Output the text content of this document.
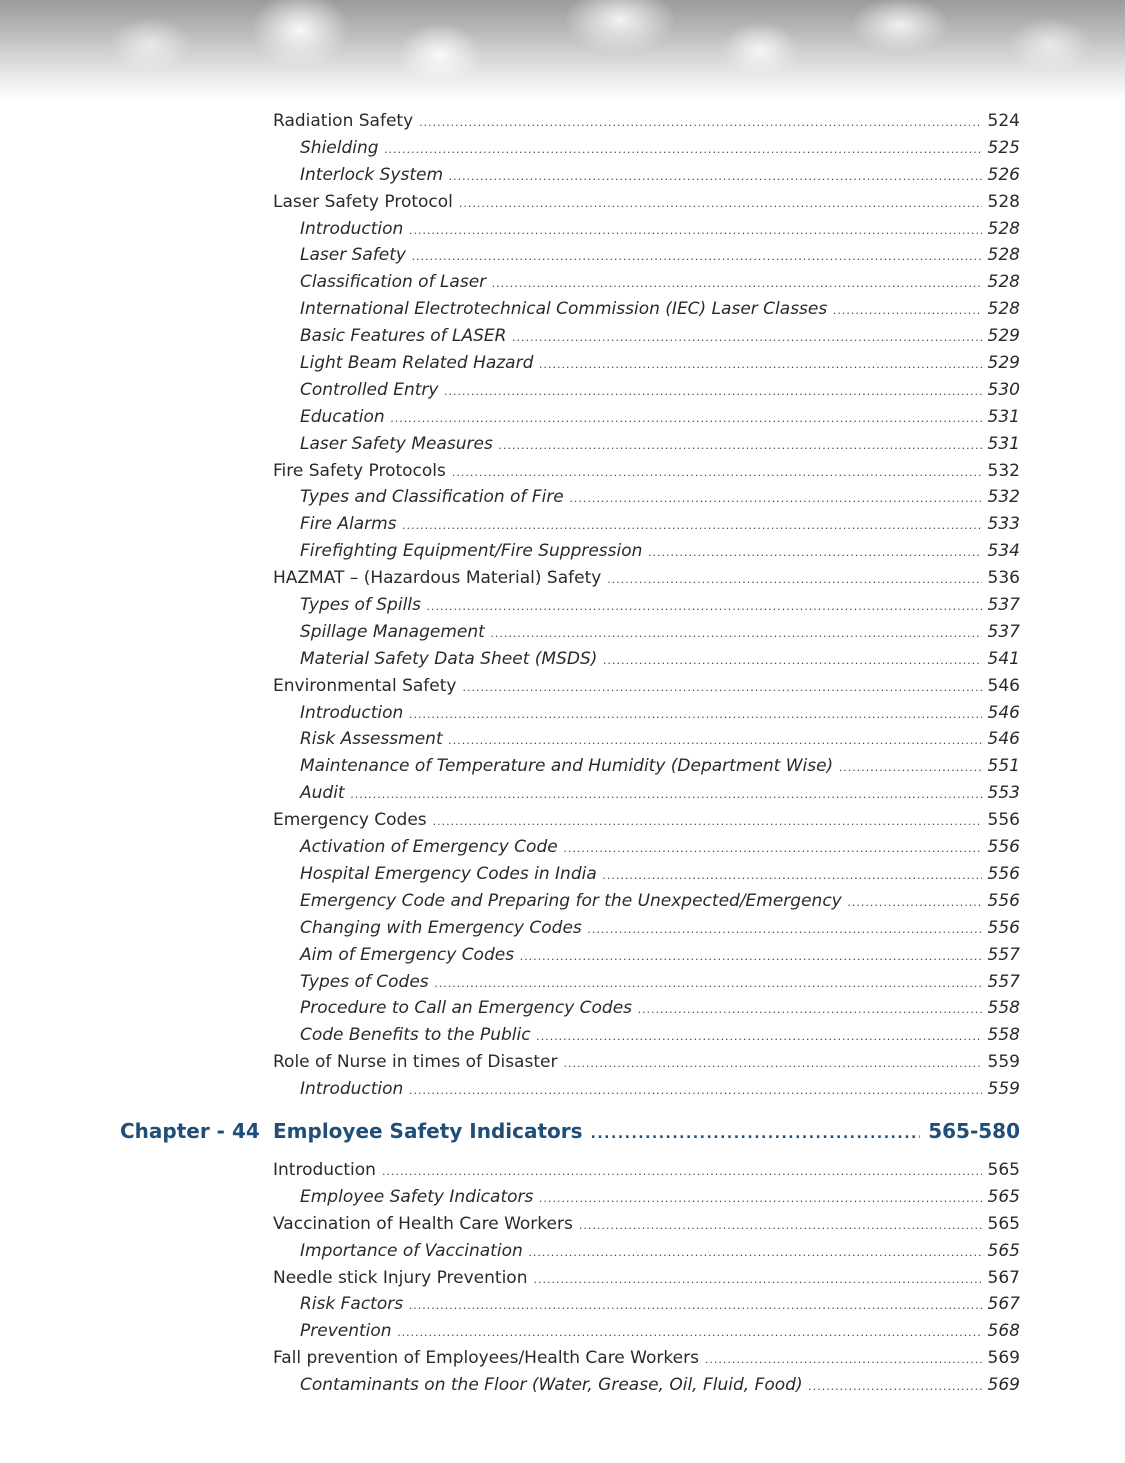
Radiation Safety .....	524
Shielding .....	525
Interlock System .....	526
Laser Safety Protocol .....	528
Introduction .....	528
Laser Safety .....	528
Classification of Laser .....	528
International Electrotechnical Commission (IEC) Laser Classes .....	528
Basic Features of LASER .....	529
Light Beam Related Hazard .....	529
Controlled Entry .....	530
Education .....	531
Laser Safety Measures .....	531
Fire Safety Protocols .....	532
Types and Classification of Fire .....	532
Fire Alarms .....	533
Firefighting Equipment/Fire Suppression .....	534
HAZMAT – (Hazardous Material) Safety .....	536
Types of Spills .....	537
Spillage Management .....	537
Material Safety Data Sheet (MSDS) .....	541
Environmental Safety .....	546
Introduction .....	546
Risk Assessment .....	546
Maintenance of Temperature and Humidity (Department Wise) .....	551
Audit .....	553
Emergency Codes .....	556
Activation of Emergency Code .....	556
Hospital Emergency Codes in India .....	556
Emergency Code and Preparing for the Unexpected/Emergency .....	556
Changing with Emergency Codes .....	556
Aim of Emergency Codes .....	557
Types of Codes .....	557
Procedure to Call an Emergency Codes .....	558
Code Benefits to the Public .....	558
Role of Nurse in times of Disaster .....	559
Introduction .....	559
Chapter - 44 Employee Safety Indicators .....	565-580
Introduction .....	565
Employee Safety Indicators .....	565
Vaccination of Health Care Workers .....	565
Importance of Vaccination .....	565
Needle stick Injury Prevention .....	567
Risk Factors .....	567
Prevention .....	568
Fall prevention of Employees/Health Care Workers .....	569
Contaminants on the Floor (Water, Grease, Oil, Fluid, Food) .....	569
